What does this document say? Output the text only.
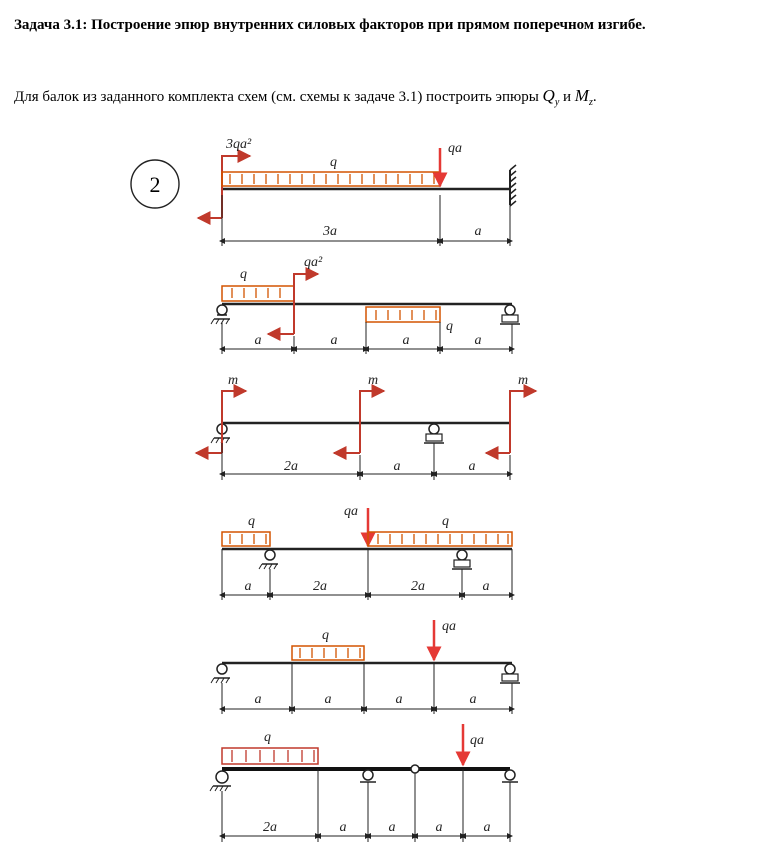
Задача 3.1: Построение эпюр внутренних силовых факторов при прямом поперечном изгибе.
Для балок из заданного комплекта схем (см. схемы к задаче 3.1) построить эпюры $Q_y$ и $M_z$.
2
3qa²
q
qa
3a	a
q
qa²
q
a	a	a	a
m	m	m
2a	a	a
q
qa
q
a	2a	2a	a
q
qa
a	a	a	a
q	qa
2a	a	a	a	a
